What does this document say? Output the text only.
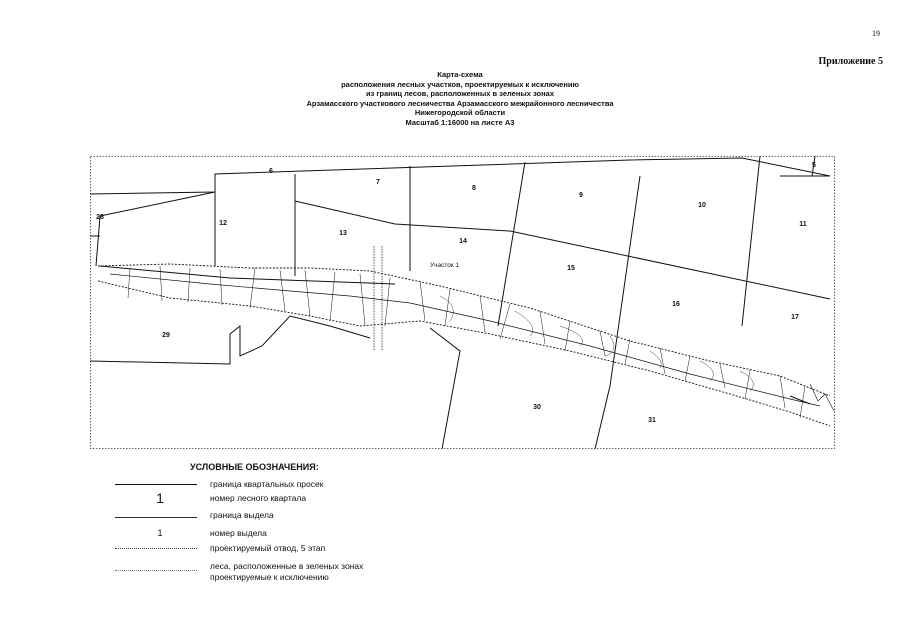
19
Приложение 5
Карта-схема
расположения лесных участков, проектируемых к исключению
из границ лесов, расположенных в зеленых зонах
Арзамасского участкового лесничества Арзамасского межрайонного лесничества
Нижегородской области
Масштаб 1:16000 на листе А3
5
6
7
8
9
10
11
12
13
14
15
16
17
28
29
30
31
Участок 1
УСЛОВНЫЕ ОБОЗНАЧЕНИЯ:
граница квартальных просек
1	номер лесного квартала
граница выдела
1	номер выдела
проектируемый отвод, 5 этап
леса, расположенные в зеленых зонах проектируемые к исключению
